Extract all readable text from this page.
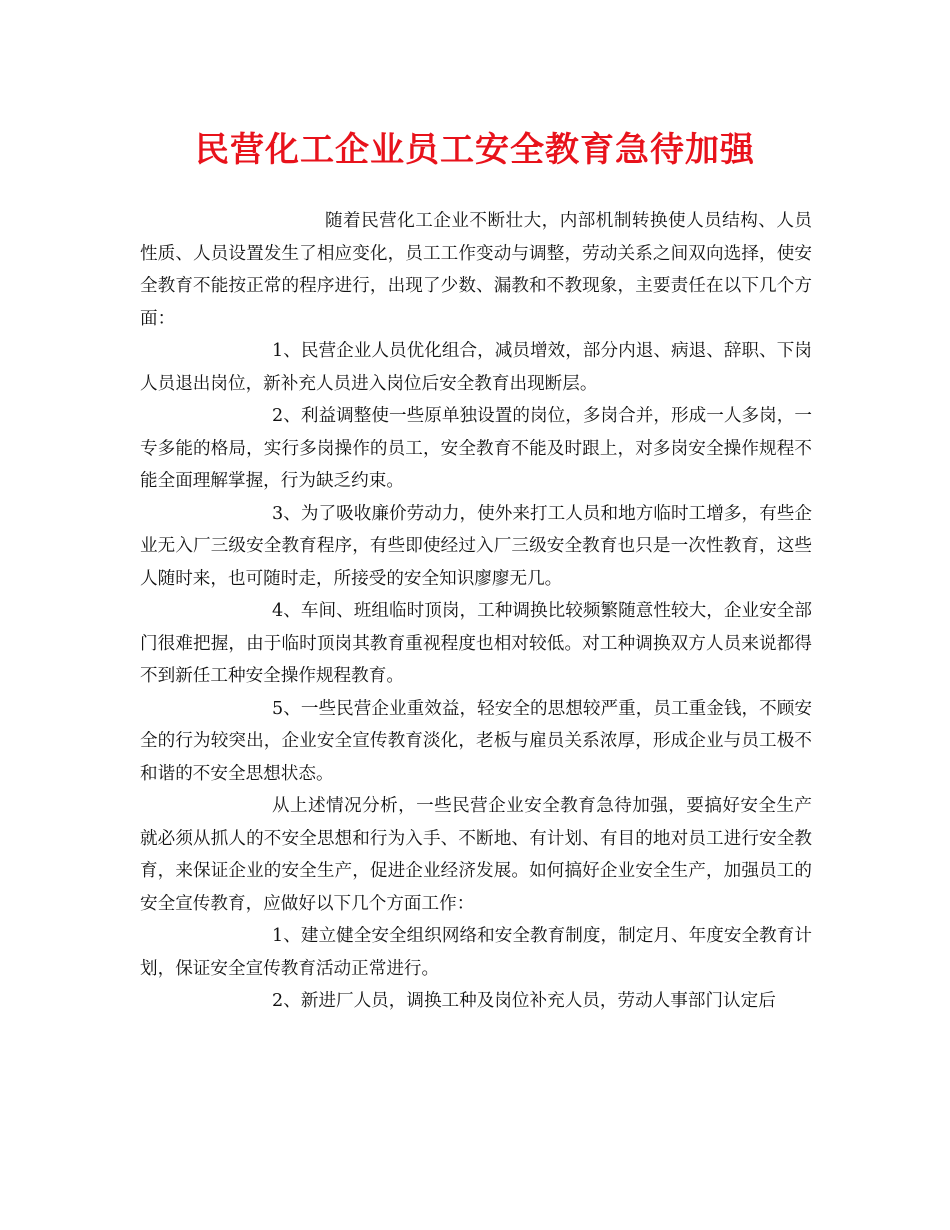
民营化工企业员工安全教育急待加强

随着民营化工企业不断壮大，内部机制转换使人员结构、人员性质、人员设置发生了相应变化，员工工作变动与调整，劳动关系之间双向选择，使安全教育不能按正常的程序进行，出现了少数、漏教和不教现象，主要责任在以下几个方面：

1、民营企业人员优化组合，减员增效，部分内退、病退、辞职、下岗人员退出岗位，新补充人员进入岗位后安全教育出现断层。

2、利益调整使一些原单独设置的岗位，多岗合并，形成一人多岗，一专多能的格局，实行多岗操作的员工，安全教育不能及时跟上，对多岗安全操作规程不能全面理解掌握，行为缺乏约束。

3、为了吸收廉价劳动力，使外来打工人员和地方临时工增多，有些企业无入厂三级安全教育程序，有些即使经过入厂三级安全教育也只是一次性教育，这些人随时来，也可随时走，所接受的安全知识廖廖无几。

4、车间、班组临时顶岗，工种调换比较频繁随意性较大，企业安全部门很难把握，由于临时顶岗其教育重视程度也相对较低。对工种调换双方人员来说都得不到新任工种安全操作规程教育。

5、一些民营企业重效益，轻安全的思想较严重，员工重金钱，不顾安全的行为较突出，企业安全宣传教育淡化，老板与雇员关系浓厚，形成企业与员工极不和谐的不安全思想状态。

从上述情况分析，一些民营企业安全教育急待加强，要搞好安全生产就必须从抓人的不安全思想和行为入手、不断地、有计划、有目的地对员工进行安全教育，来保证企业的安全生产，促进企业经济发展。如何搞好企业安全生产，加强员工的安全宣传教育，应做好以下几个方面工作：

1、建立健全安全组织网络和安全教育制度，制定月、年度安全教育计划，保证安全宣传教育活动正常进行。

2、新进厂人员，调换工种及岗位补充人员，劳动人事部门认定后
